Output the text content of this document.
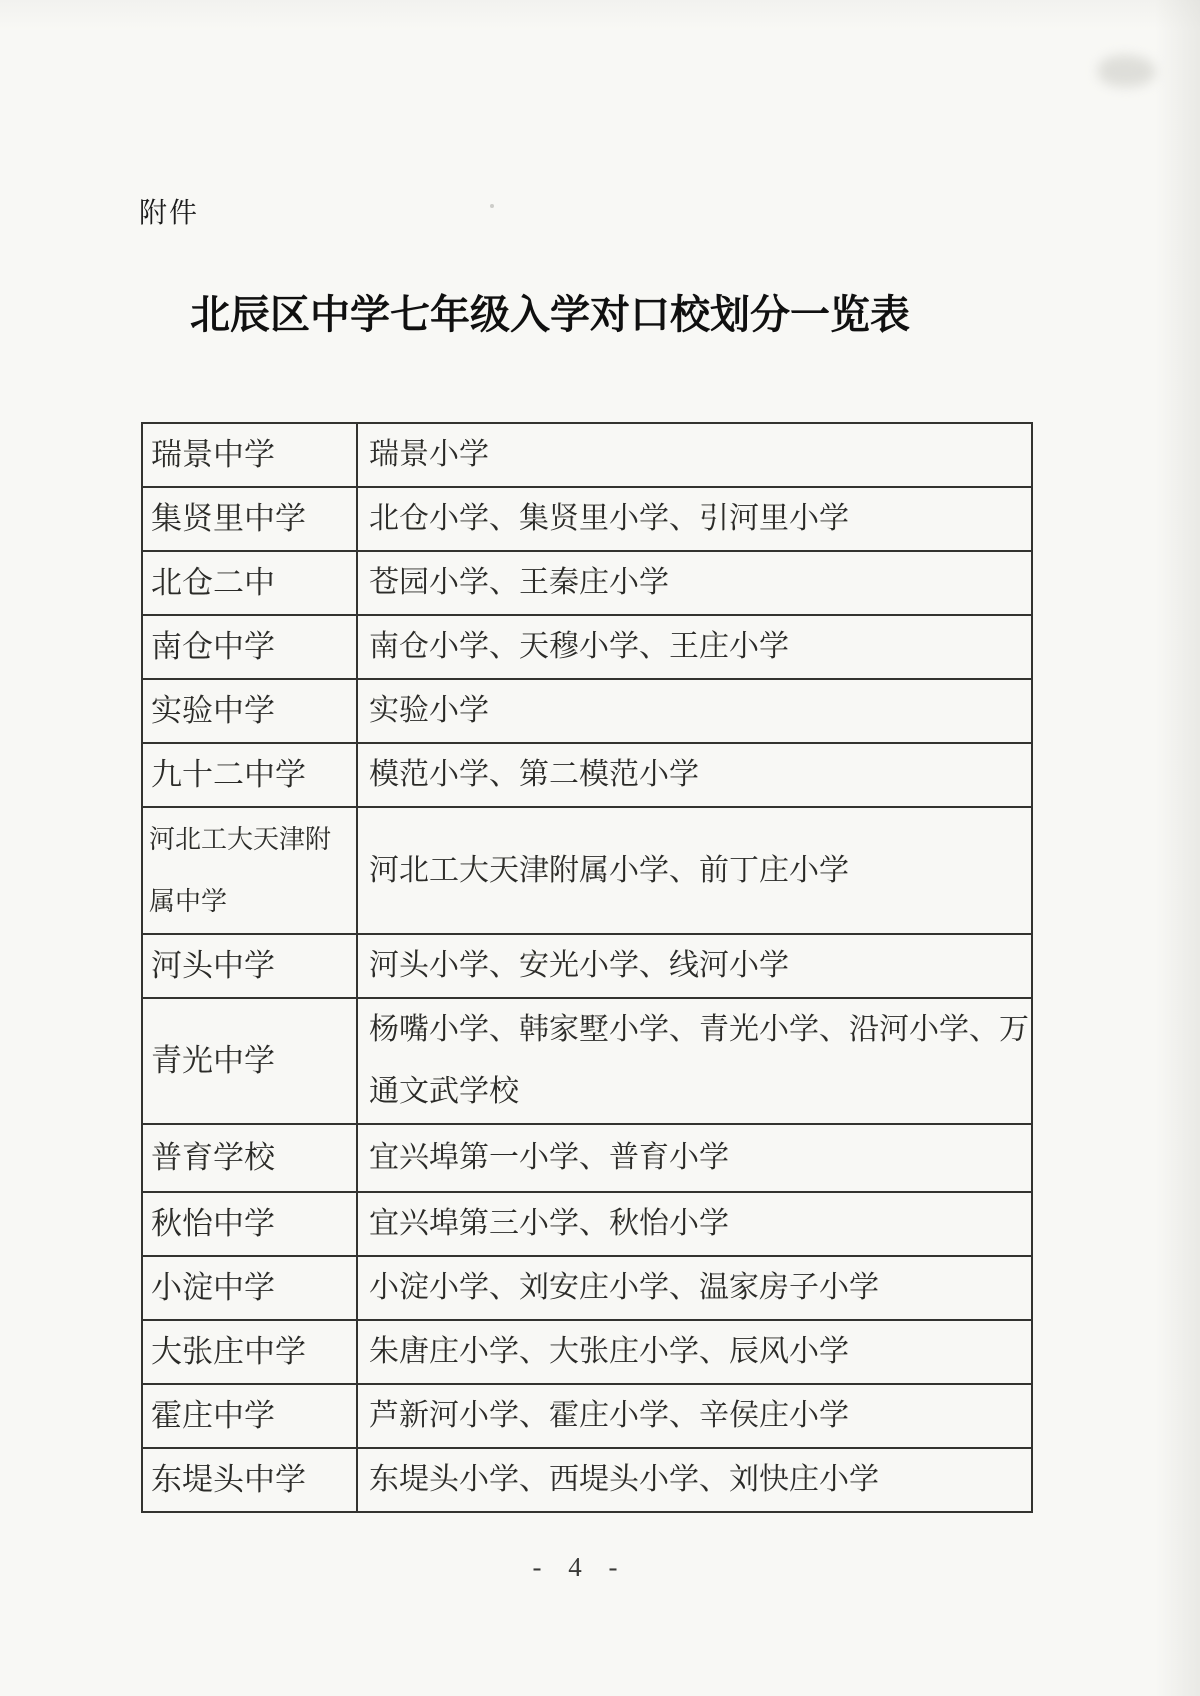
附件
北辰区中学七年级入学对口校划分一览表
瑞景中学	瑞景小学
集贤里中学	北仓小学、集贤里小学、引河里小学
北仓二中	苍园小学、王秦庄小学
南仓中学	南仓小学、天穆小学、王庄小学
实验中学	实验小学
九十二中学	模范小学、第二模范小学
河北工大天津附属中学	河北工大天津附属小学、前丁庄小学
河头中学	河头小学、安光小学、线河小学
青光中学	杨嘴小学、韩家墅小学、青光小学、沿河小学、万通文武学校
普育学校	宜兴埠第一小学、普育小学
秋怡中学	宜兴埠第三小学、秋怡小学
小淀中学	小淀小学、刘安庄小学、温家房子小学
大张庄中学	朱唐庄小学、大张庄小学、辰风小学
霍庄中学	芦新河小学、霍庄小学、辛侯庄小学
东堤头中学	东堤头小学、西堤头小学、刘快庄小学
- 4 -
